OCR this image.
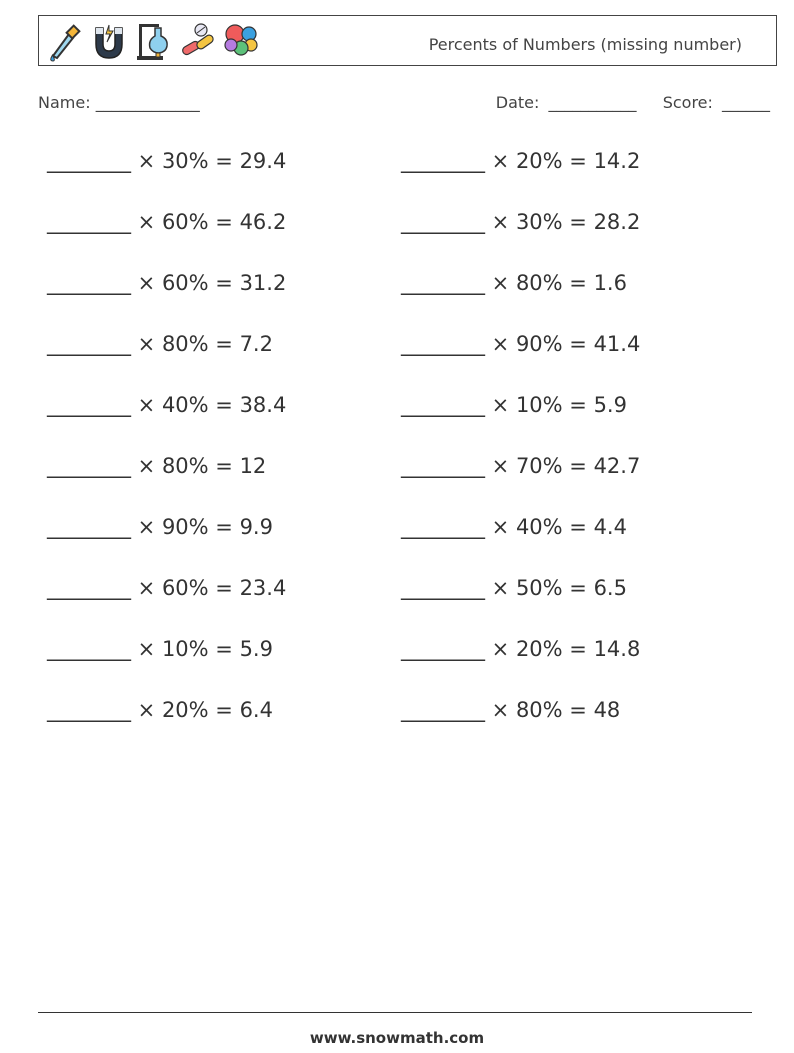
Percents of Numbers (missing number)
Name: _____________	Date: ___________ Score: ______
________ × 30% = 29.4
________ × 60% = 46.2
________ × 60% = 31.2
________ × 80% = 7.2
________ × 40% = 38.4
________ × 80% = 12
________ × 90% = 9.9
________ × 60% = 23.4
________ × 10% = 5.9
________ × 20% = 6.4
________ × 20% = 14.2
________ × 30% = 28.2
________ × 80% = 1.6
________ × 90% = 41.4
________ × 10% = 5.9
________ × 70% = 42.7
________ × 40% = 4.4
________ × 50% = 6.5
________ × 20% = 14.8
________ × 80% = 48
www.snowmath.com
